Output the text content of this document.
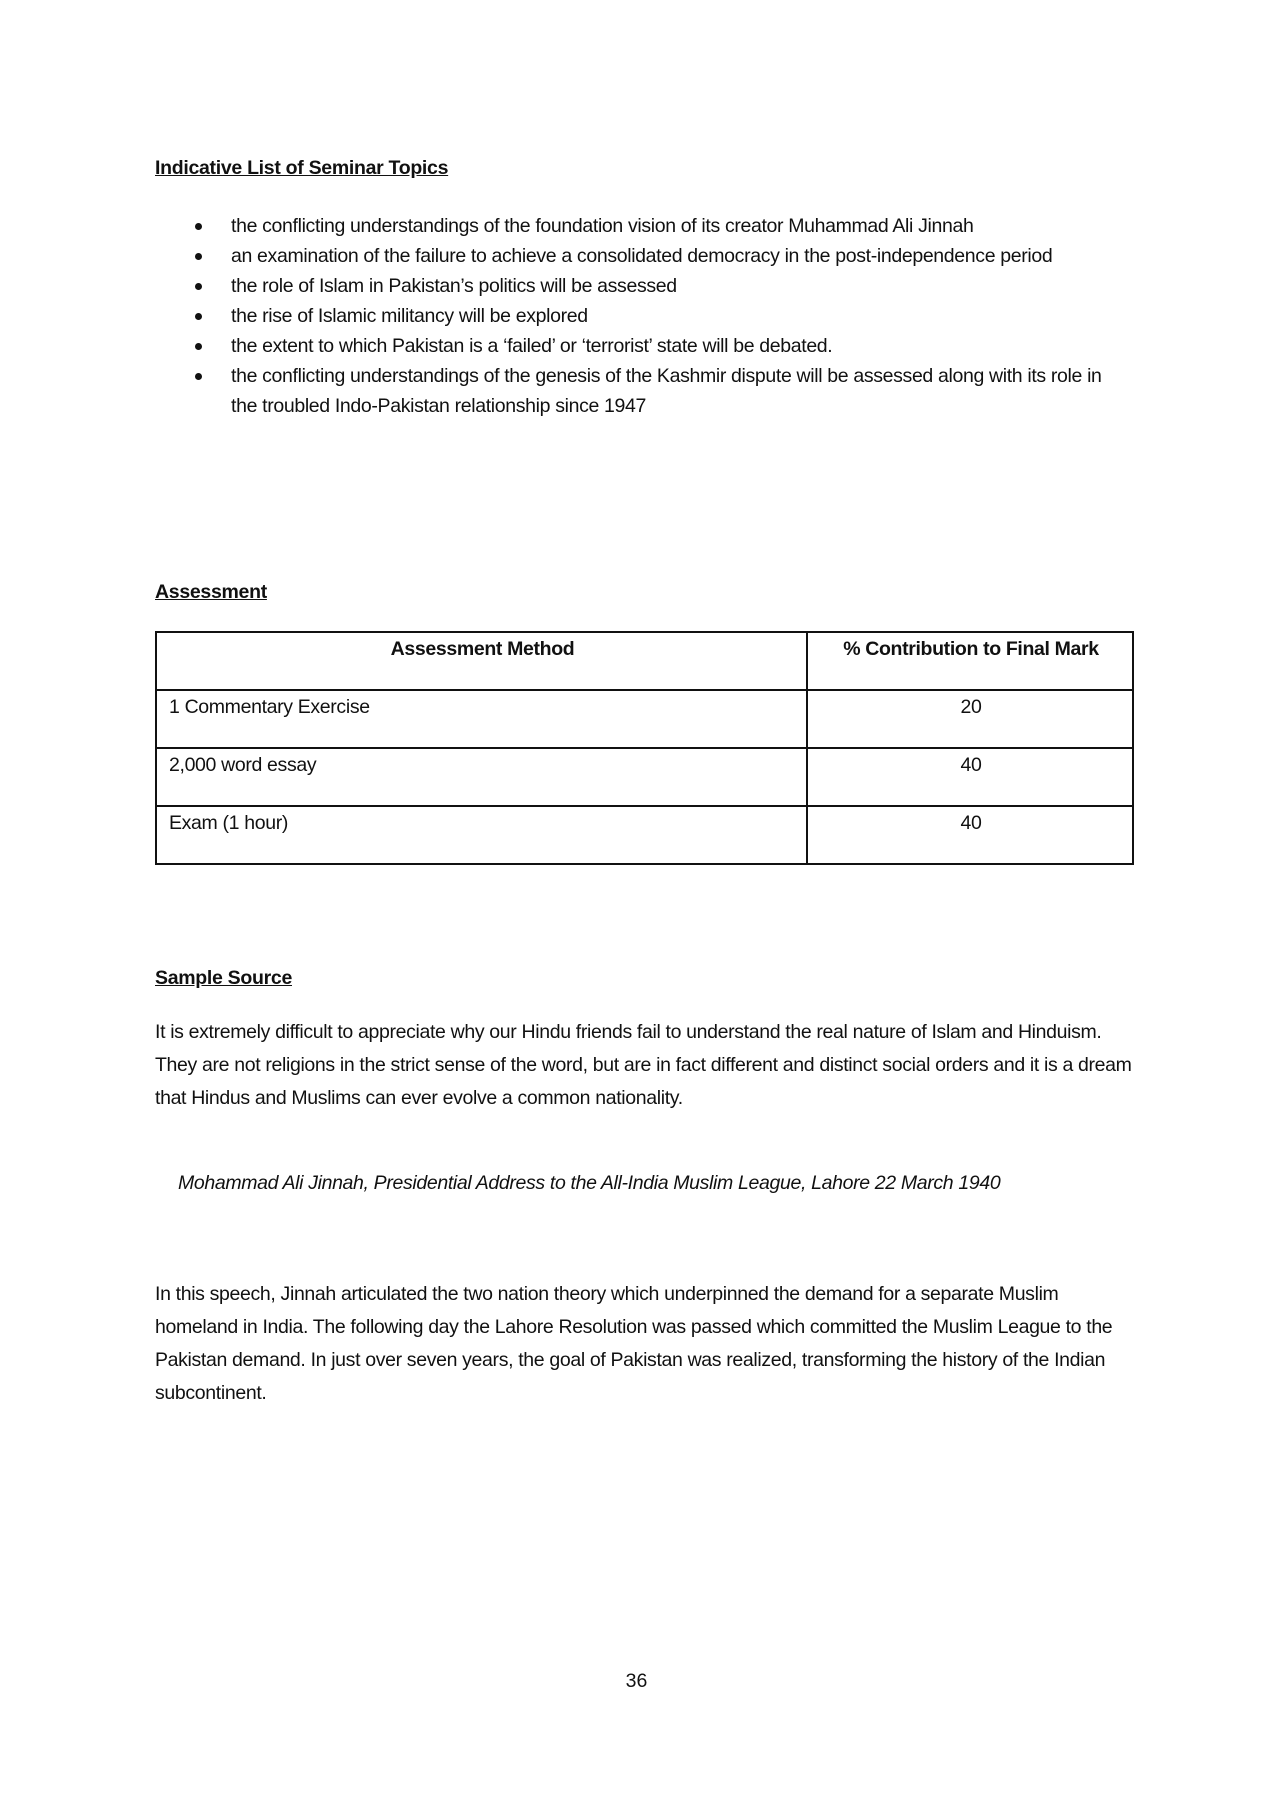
Indicative List of Seminar Topics
the conflicting understandings of the foundation vision of its creator Muhammad Ali Jinnah
an examination of the failure to achieve a consolidated democracy in the post-independence period
the role of Islam in Pakistan’s politics will be assessed
the rise of Islamic militancy will be explored
the extent to which Pakistan is a ‘failed’ or ‘terrorist’ state will be debated.
the conflicting understandings of the genesis of the Kashmir dispute will be assessed along with its role in the troubled Indo-Pakistan relationship since 1947
Assessment
Assessment Method	% Contribution to Final Mark
1 Commentary Exercise	20
2,000 word essay	40
Exam (1 hour)	40
Sample Source
It is extremely difficult to appreciate why our Hindu friends fail to understand the real nature of Islam and Hinduism. They are not religions in the strict sense of the word, but are in fact different and distinct social orders and it is a dream that Hindus and Muslims can ever evolve a common nationality.
Mohammad Ali Jinnah, Presidential Address to the All-India Muslim League, Lahore 22 March 1940
In this speech, Jinnah articulated the two nation theory which underpinned the demand for a separate Muslim homeland in India. The following day the Lahore Resolution was passed which committed the Muslim League to the Pakistan demand. In just over seven years, the goal of Pakistan was realized, transforming the history of the Indian subcontinent.
36
